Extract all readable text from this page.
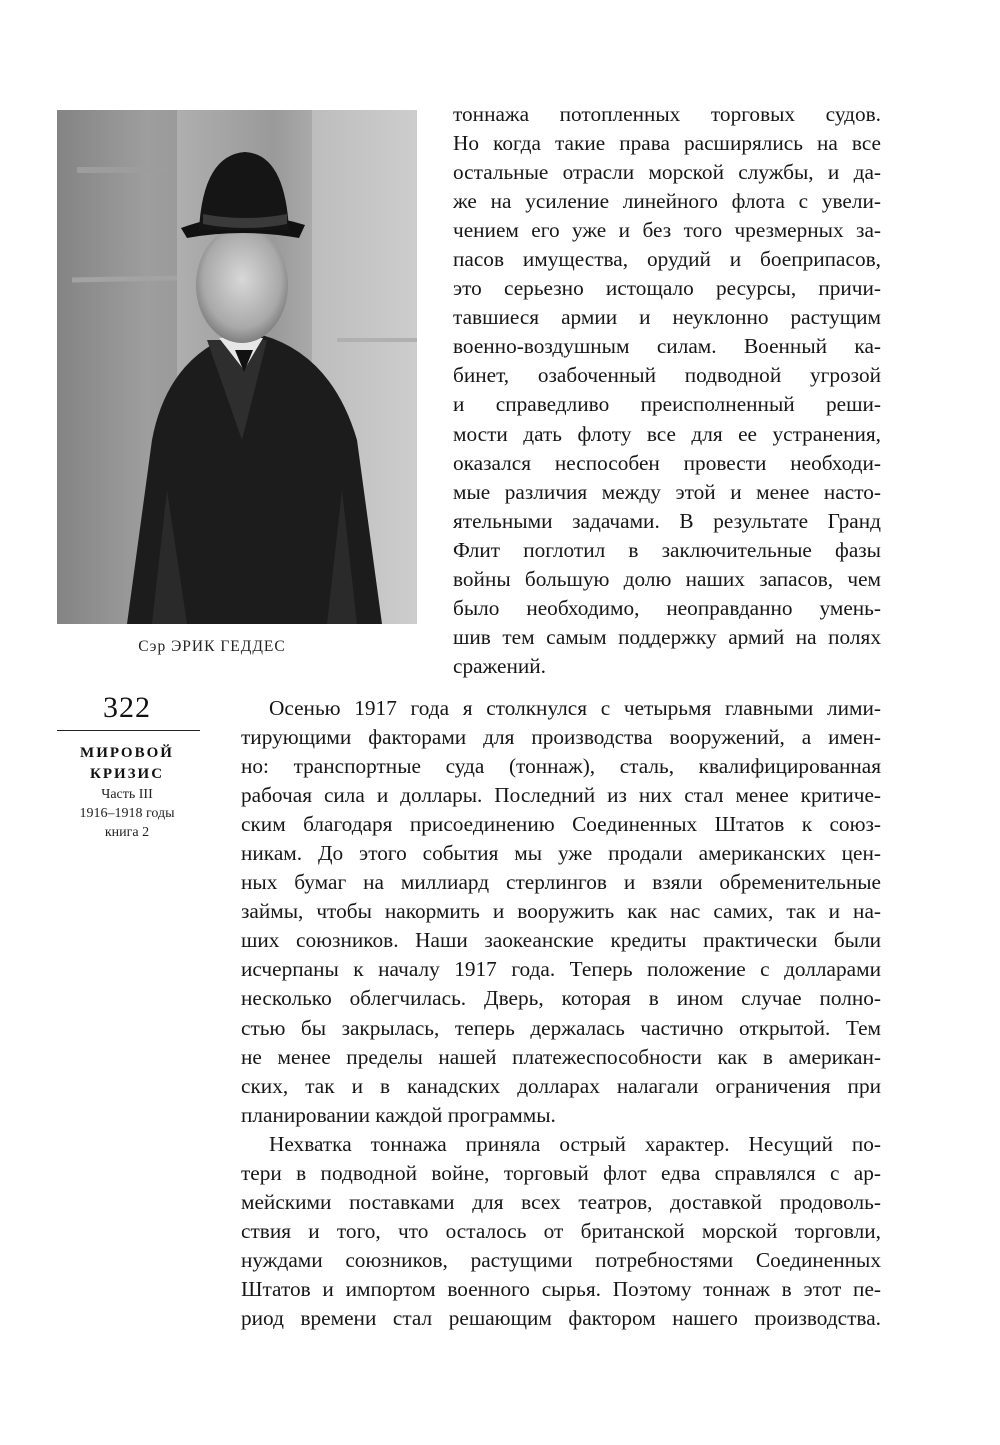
Сэр ЭРИК ГЕДДЕС
322
МИРОВОЙ
КРИЗИС
Часть III
1916–1918 годы
книга 2
тоннажа потопленных торговых судов.
Но когда такие права расширялись на все
остальные отрасли морской службы, и да-
же на усиление линейного флота с увели-
чением его уже и без того чрезмерных за-
пасов имущества, орудий и боеприпасов,
это серьезно истощало ресурсы, причи-
тавшиеся армии и неуклонно растущим
военно-воздушным силам. Военный ка-
бинет, озабоченный подводной угрозой
и справедливо преисполненный реши-
мости дать флоту все для ее устранения,
оказался неспособен провести необходи-
мые различия между этой и менее насто-
ятельными задачами. В результате Гранд
Флит поглотил в заключительные фазы
войны большую долю наших запасов, чем
было необходимо, неоправданно умень-
шив тем самым поддержку армий на полях
сражений.
Осенью 1917 года я столкнулся с четырьмя главными лими-
тирующими факторами для производства вооружений, а имен-
но: транспортные суда (тоннаж), сталь, квалифицированная
рабочая сила и доллары. Последний из них стал менее критиче-
ским благодаря присоединению Соединенных Штатов к союз-
никам. До этого события мы уже продали американских цен-
ных бумаг на миллиард стерлингов и взяли обременительные
займы, чтобы накормить и вооружить как нас самих, так и на-
ших союзников. Наши заокеанские кредиты практически были
исчерпаны к началу 1917 года. Теперь положение с долларами
несколько облегчилась. Дверь, которая в ином случае полно-
стью бы закрылась, теперь держалась частично открытой. Тем
не менее пределы нашей платежеспособности как в американ-
ских, так и в канадских долларах налагали ограничения при
планировании каждой программы.
Нехватка тоннажа приняла острый характер. Несущий по-
тери в подводной войне, торговый флот едва справлялся с ар-
мейскими поставками для всех театров, доставкой продоволь-
ствия и того, что осталось от британской морской торговли,
нуждами союзников, растущими потребностями Соединенных
Штатов и импортом военного сырья. Поэтому тоннаж в этот пе-
риод времени стал решающим фактором нашего производства.
